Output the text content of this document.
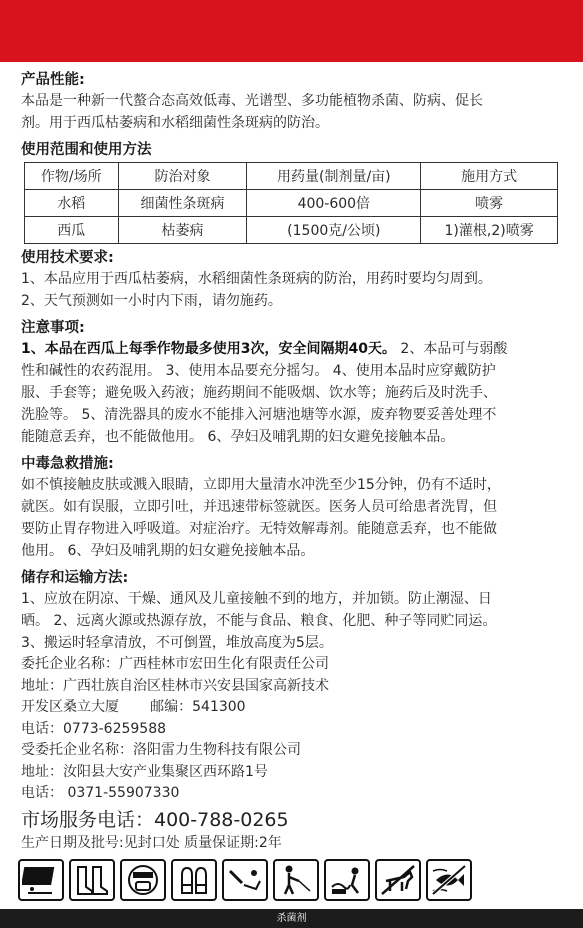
产品性能:

本品是一种新一代螯合态高效低毒、光谱型、多功能植物杀菌、防病、促长

剂。用于西瓜枯萎病和水稻细菌性条斑病的防治。

使用范围和使用方法
作物/场所	防治对象	用药量(制剂量/亩)	施用方式
水稻	细菌性条斑病	400-600倍	喷雾
西瓜	枯萎病	(1500克/公顷)	1)灌根,2)喷雾
使用技术要求:

1、本品应用于西瓜枯萎病，水稻细菌性条斑病的防治，用药时要均匀周到。

2、天气预测如一小时内下雨，请勿施药。

注意事项:

1、本品在西瓜上每季作物最多使用3次，安全间隔期40天。 2、本品可与弱酸

性和碱性的农药混用。 3、使用本品要充分摇匀。 4、使用本品时应穿戴防护

服、手套等；避免吸入药液；施药期间不能吸烟、饮水等；施药后及时洗手、

洗脸等。 5、清洗器具的废水不能排入河塘池塘等水源，废弃物要妥善处理不

能随意丢弃，也不能做他用。 6、孕妇及哺乳期的妇女避免接触本品。

中毒急救措施:

如不慎接触皮肤或溅入眼睛，立即用大量清水冲洗至少15分钟，仍有不适时，

就医。如有误服，立即引吐，并迅速带标签就医。医务人员可给患者洗胃，但

要防止胃存物进入呼吸道。对症治疗。无特效解毒剂。能随意丢弃，也不能做

他用。 6、孕妇及哺乳期的妇女避免接触本品。

储存和运输方法:

1、应放在阴凉、干燥、通风及儿童接触不到的地方，并加锁。防止潮湿、日

晒。 2、远离火源或热源存放，不能与食品、粮食、化肥、种子等同贮同运。

3、搬运时轻拿清放，不可倒置，堆放高度为5层。

委托企业名称：广西桂林市宏田生化有限责任公司

地址：广西壮族自治区桂林市兴安县国家高新技术

开发区桑立大厦       邮编：541300

电话：0773-6259588

受委托企业名称：洛阳雷力生物科技有限公司

地址：汝阳县大安产业集聚区西环路1号

电话： 0371-55907330

市场服务电话：400-788-0265

生产日期及批号:见封口处 质量保证期:2年

杀菌剂
